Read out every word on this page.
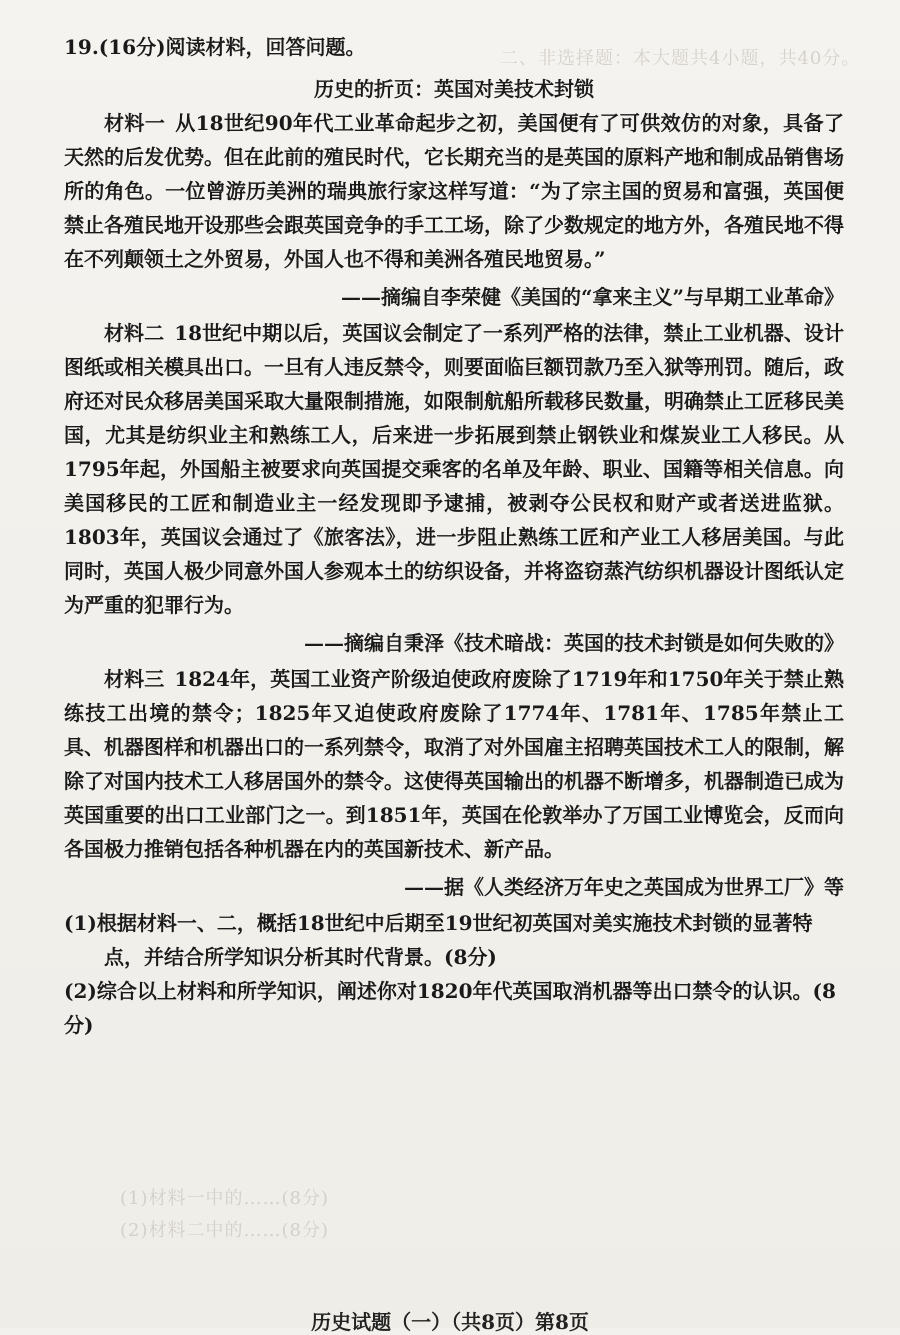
二、非选择题：本大题共4小题，共40分。
(1)材料一中的……(8分)
(2)材料二中的……(8分)

19.(16分)阅读材料，回答问题。

历史的折页：英国对美技术封锁

材料一 从18世纪90年代工业革命起步之初，美国便有了可供效仿的对象，具备了天然的后发优势。但在此前的殖民时代，它长期充当的是英国的原料产地和制成品销售场所的角色。一位曾游历美洲的瑞典旅行家这样写道：“为了宗主国的贸易和富强，英国便禁止各殖民地开设那些会跟英国竞争的手工工场，除了少数规定的地方外，各殖民地不得在不列颠领土之外贸易，外国人也不得和美洲各殖民地贸易。”

——摘编自李荣健《美国的“拿来主义”与早期工业革命》

材料二 18世纪中期以后，英国议会制定了一系列严格的法律，禁止工业机器、设计图纸或相关模具出口。一旦有人违反禁令，则要面临巨额罚款乃至入狱等刑罚。随后，政府还对民众移居美国采取大量限制措施，如限制航船所载移民数量，明确禁止工匠移民美国，尤其是纺织业主和熟练工人，后来进一步拓展到禁止钢铁业和煤炭业工人移民。从1795年起，外国船主被要求向英国提交乘客的名单及年龄、职业、国籍等相关信息。向美国移民的工匠和制造业主一经发现即予逮捕，被剥夺公民权和财产或者送进监狱。1803年，英国议会通过了《旅客法》，进一步阻止熟练工匠和产业工人移居美国。与此同时，英国人极少同意外国人参观本土的纺织设备，并将盗窃蒸汽纺织机器设计图纸认定为严重的犯罪行为。

——摘编自秉泽《技术暗战：英国的技术封锁是如何失败的》

材料三 1824年，英国工业资产阶级迫使政府废除了1719年和1750年关于禁止熟练技工出境的禁令；1825年又迫使政府废除了1774年、1781年、1785年禁止工具、机器图样和机器出口的一系列禁令，取消了对外国雇主招聘英国技术工人的限制，解除了对国内技术工人移居国外的禁令。这使得英国输出的机器不断增多，机器制造已成为英国重要的出口工业部门之一。到1851年，英国在伦敦举办了万国工业博览会，反而向各国极力推销包括各种机器在内的英国新技术、新产品。

——据《人类经济万年史之英国成为世界工厂》等

(1)根据材料一、二，概括18世纪中后期至19世纪初英国对美实施技术封锁的显著特

点，并结合所学知识分析其时代背景。(8分)

(2)综合以上材料和所学知识，阐述你对1820年代英国取消机器等出口禁令的认识。(8分)

历史试题（一）（共8页）第8页
